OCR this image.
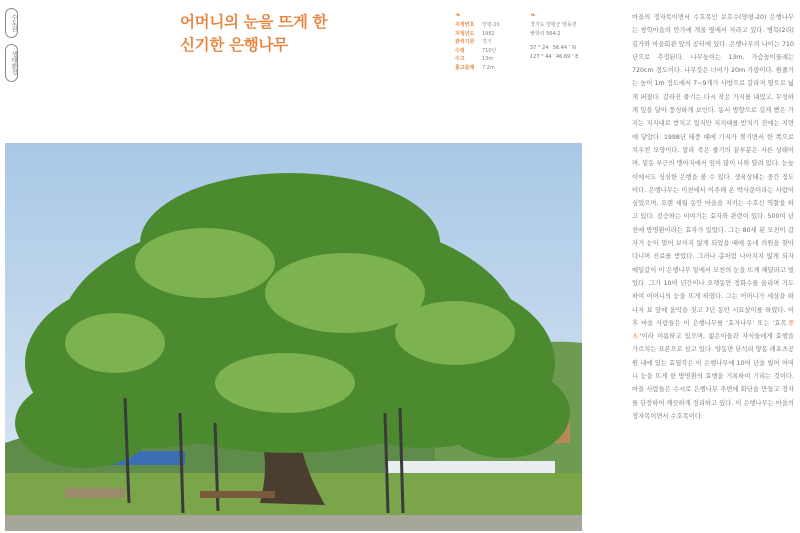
수도권
생태환경
어머니의 눈을 뜨게 한
신기한 은행나무
❧
지정번호	양평-20
지정년도	1982
관리기관	경기
수령	710년
수고	13m
흉고둘레	7.2m
❧
경기도 양평군 양동면
쌍학리 564-2
37 ° 24 ′ 56.44 ″ N
127 ° 44 ′ 46.69 ″ E

마을의 정자목이면서 수호목인 보호수(양평-20) 은행나무는 쌍학마을의 안가에 개울 옆에서 자라고 있다. 병목(2리) 길가와 마을회관 앞의 공터에 있다. 은행나무의 나이는 710년으로 추정된다. 나무높이는 13m, 가슴높이둘레는 720cm 정도이다. 나무갓은 너비가 20m 가량이다. 원줄기는 높이 1m 정도에서 7~9개가 사방으로 갈라져 옆으로 넓게 퍼졌다. 갈라진 줄기는 다시 작은 가지를 내었고, 무성하게 잎을 달아 풍성하게 보인다. 동서 방향으로 길게 뻗은 가지는 지지대로 받치고 있지만 지지대를 받치기 전에는 지면에 닿았다. 1998년 태풍 때에 가지가 찢기면서 한 쪽으로 치우친 모양이다. 말라 죽은 줄기의 끝부분은 자른 상태이며, 밑동 부근의 맹아지에서 잎이 많이 나와 달려 있다. 눈높이에서도 싱싱한 은행을 볼 수 있다. 생육상태는 중간 정도이다. 은행나무는 이천에서 이주해 온 박사문이라는 사람이 심었으며, 오랜 세월 동안 마을을 지키는 수호신 역할을 하고 있다. 전승하는 이야기는 효자와 관련이 있다. 500여 년 전에 방명환이라는 효자가 있었다. 그는 80세 된 모친이 갑자기 눈이 멀어 보이지 않게 되었을 때에 동네 의원을 찾아다니며 진료를 받았다. 그러나 총처럼 나아지지 않게 되자 매일같이 이 은행나무 밑에서 모친의 눈을 뜨게 해달라고 빌었다. 그가 10여 년간이나 오랫동안 정화수를 올리며 기도하여 어머니의 눈을 뜨게 하였다. 그는 어머니가 세상을 떠나자 묘 앞에 움막을 짓고 7년 동안 시묘살이를 하였다. 이후 마을 사람들은 이 은행나무를 ‘효자나무’ 또는 ‘효목孝木’이라 이름하고 있으며, 젊은이들과 자식들에게 효행을 가르치는 표본으로 삼고 있다. 양동면 단석리 양동 레포츠공원 내에 있는 효열각은 이 은행나무에 10여 년을 빌어 어머니 눈을 뜨게 한 방명환의 효행을 기록하여 기리는 것이다. 마을 사람들은 수시로 은행나무 주변에 화단을 만들고 정자를 단장하여 깨끗하게 정리하고 있다. 이 은행나무는 마을의 정자목이면서 수호목이다.
